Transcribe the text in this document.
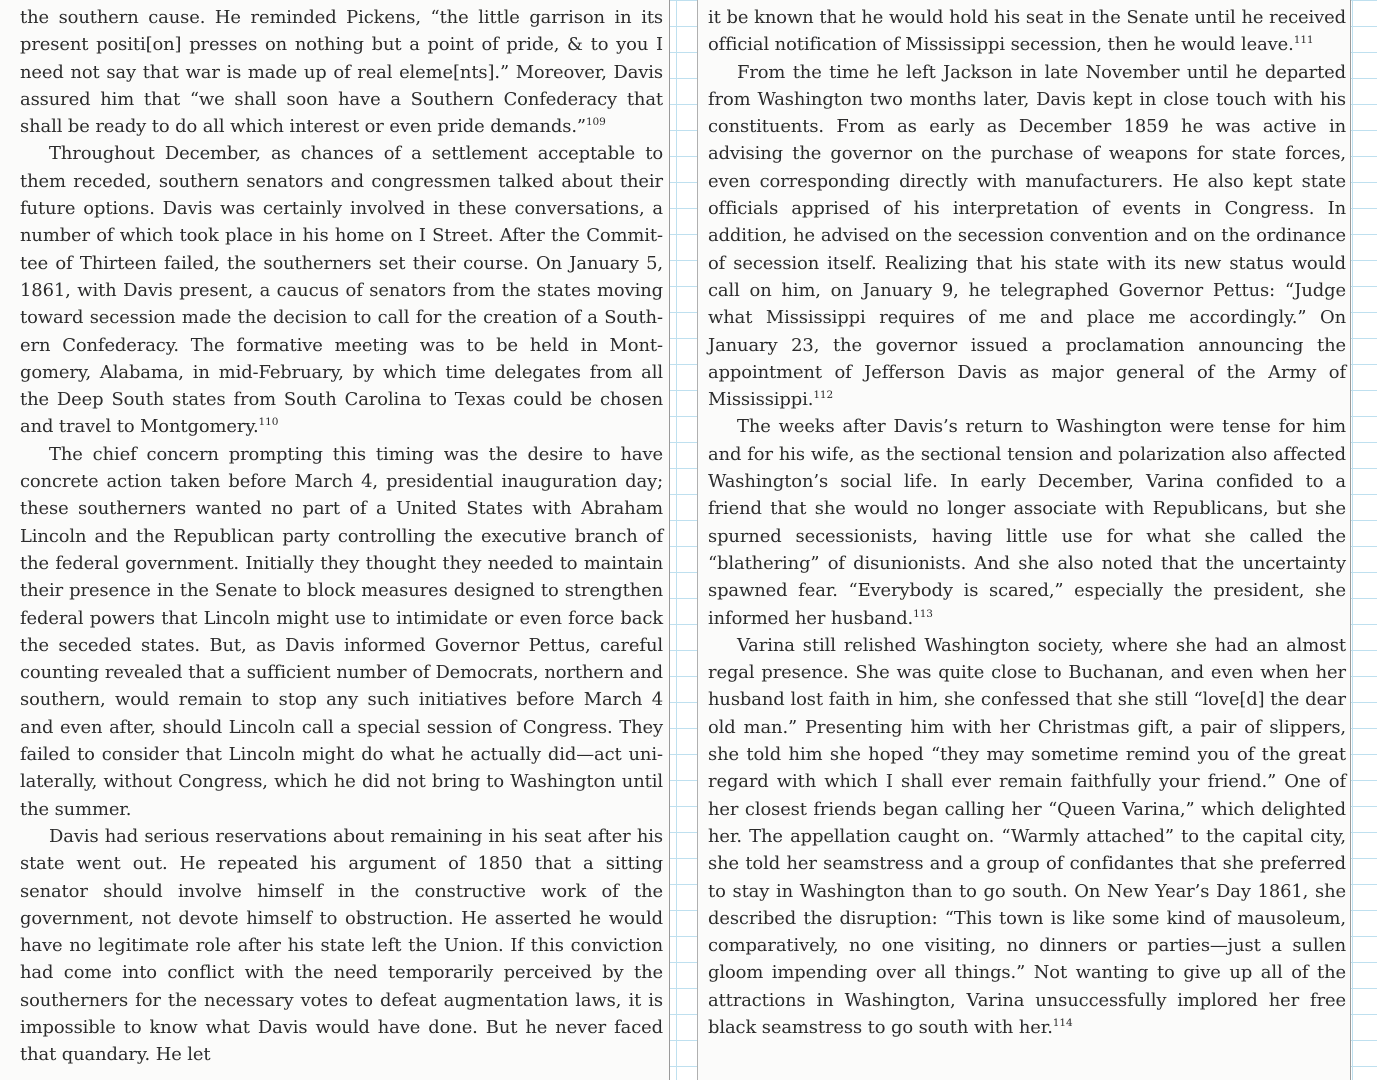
the southern cause. He reminded Pickens, “the little garrison in its present positi[on] presses on nothing but a point of pride, & to you I need not say that war is made up of real eleme[nts].” Moreover, Davis assured him that “we shall soon have a Southern Confederacy that shall be ready to do all which interest or even pride demands.”$^{109}$

Throughout December, as chances of a settlement acceptable to them receded, southern senators and congressmen talked about their future options. Davis was certainly involved in these conversations, a number of which took place in his home on I Street. After the Committee of Thirteen failed, the southerners set their course. On January 5, 1861, with Davis present, a caucus of senators from the states moving toward secession made the decision to call for the creation of a Southern Confederacy. The formative meeting was to be held in Montgomery, Alabama, in mid-February, by which time delegates from all the Deep South states from South Carolina to Texas could be chosen and travel to Montgomery.$^{110}$

The chief concern prompting this timing was the desire to have concrete action taken before March 4, presidential inauguration day; these southerners wanted no part of a United States with Abraham Lincoln and the Republican party controlling the executive branch of the federal government. Initially they thought they needed to maintain their presence in the Senate to block measures designed to strengthen federal powers that Lincoln might use to intimidate or even force back the seceded states. But, as Davis informed Governor Pettus, careful counting revealed that a sufficient number of Democrats, northern and southern, would remain to stop any such initiatives before March 4 and even after, should Lincoln call a special session of Congress. They failed to consider that Lincoln might do what he actually did—act unilaterally, without Congress, which he did not bring to Washington until the summer.

Davis had serious reservations about remaining in his seat after his state went out. He repeated his argument of 1850 that a sitting senator should involve himself in the constructive work of the government, not devote himself to obstruction. He asserted he would have no legitimate role after his state left the Union. If this conviction had come into conflict with the need temporarily perceived by the southerners for the necessary votes to defeat augmentation laws, it is impossible to know what Davis would have done. But he never faced that quandary. He let

it be known that he would hold his seat in the Senate until he received official notification of Mississippi secession, then he would leave.$^{111}$

From the time he left Jackson in late November until he departed from Washington two months later, Davis kept in close touch with his constituents. From as early as December 1859 he was active in advising the governor on the purchase of weapons for state forces, even corresponding directly with manufacturers. He also kept state officials apprised of his interpretation of events in Congress. In addition, he advised on the secession convention and on the ordinance of secession itself. Realizing that his state with its new status would call on him, on January 9, he telegraphed Governor Pettus: “Judge what Mississippi requires of me and place me accordingly.” On January 23, the governor issued a proclamation announcing the appointment of Jefferson Davis as major general of the Army of Mississippi.$^{112}$

The weeks after Davis’s return to Washington were tense for him and for his wife, as the sectional tension and polarization also affected Washington’s social life. In early December, Varina confided to a friend that she would no longer associate with Republicans, but she spurned secessionists, having little use for what she called the “blathering” of disunionists. And she also noted that the uncertainty spawned fear. “Everybody is scared,” especially the president, she informed her husband.$^{113}$

Varina still relished Washington society, where she had an almost regal presence. She was quite close to Buchanan, and even when her husband lost faith in him, she confessed that she still “love[d] the dear old man.” Presenting him with her Christmas gift, a pair of slippers, she told him she hoped “they may sometime remind you of the great regard with which I shall ever remain faithfully your friend.” One of her closest friends began calling her “Queen Varina,” which delighted her. The appellation caught on. “Warmly attached” to the capital city, she told her seamstress and a group of confidantes that she preferred to stay in Washington than to go south. On New Year’s Day 1861, she described the disruption: “This town is like some kind of mausoleum, comparatively, no one visiting, no dinners or parties—just a sullen gloom impending over all things.” Not wanting to give up all of the attractions in Washington, Varina unsuccessfully implored her free black seamstress to go south with her.$^{114}$
